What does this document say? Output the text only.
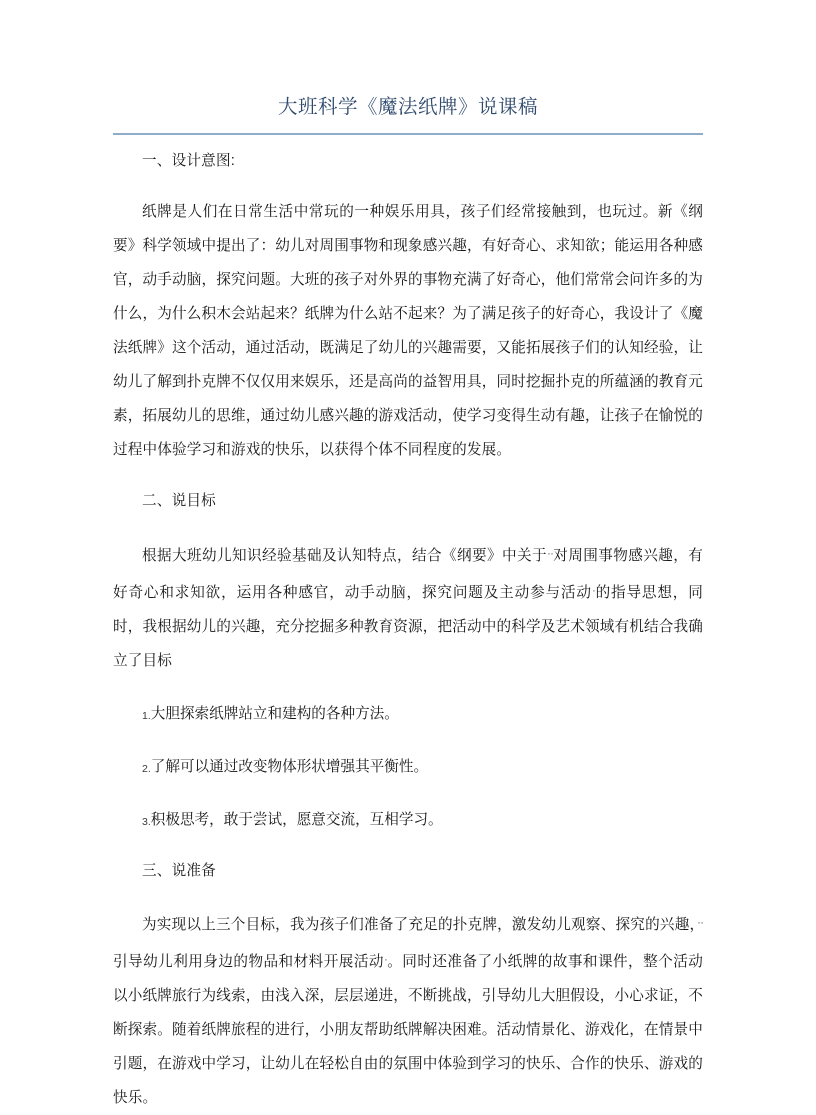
大班科学《魔法纸牌》说课稿

一、设计意图:

纸牌是人们在日常生活中常玩的一种娱乐用具，孩子们经常接触到，也玩过。新《纲要》科学领域中提出了：幼儿对周围事物和现象感兴趣，有好奇心、求知欲；能运用各种感官，动手动脑，探究问题。大班的孩子对外界的事物充满了好奇心，他们常常会问许多的为什么，为什么积木会站起来？纸牌为什么站不起来？为了满足孩子的好奇心，我设计了《魔法纸牌》这个活动，通过活动，既满足了幼儿的兴趣需要，又能拓展孩子们的认知经验，让幼儿了解到扑克牌不仅仅用来娱乐，还是高尚的益智用具，同时挖掘扑克的所蕴涵的教育元素，拓展幼儿的思维，通过幼儿感兴趣的游戏活动，使学习变得生动有趣，让孩子在愉悦的过程中体验学习和游戏的快乐，以获得个体不同程度的发展。

二、说目标

根据大班幼儿知识经验基础及认知特点，结合《纲要》中关于··对周围事物感兴趣，有好奇心和求知欲，运用各种感官，动手动脑，探究问题及主动参与活动·的指导思想，同时，我根据幼儿的兴趣，充分挖掘多种教育资源，把活动中的科学及艺术领域有机结合我确立了目标

1.大胆探索纸牌站立和建构的各种方法。

2.了解可以通过改变物体形状增强其平衡性。

3.积极思考，敢于尝试，愿意交流，互相学习。

三、说准备

为实现以上三个目标，我为孩子们准备了充足的扑克牌，激发幼儿观察、探究的兴趣，··引导幼儿利用身边的物品和材料开展活动·。同时还准备了小纸牌的故事和课件，整个活动以小纸牌旅行为线索，由浅入深，层层递进，不断挑战，引导幼儿大胆假设，小心求证，不断探索。随着纸牌旅程的进行，小朋友帮助纸牌解决困难。活动情景化、游戏化，在情景中引题，在游戏中学习，让幼儿在轻松自由的氛围中体验到学习的快乐、合作的快乐、游戏的快乐。
